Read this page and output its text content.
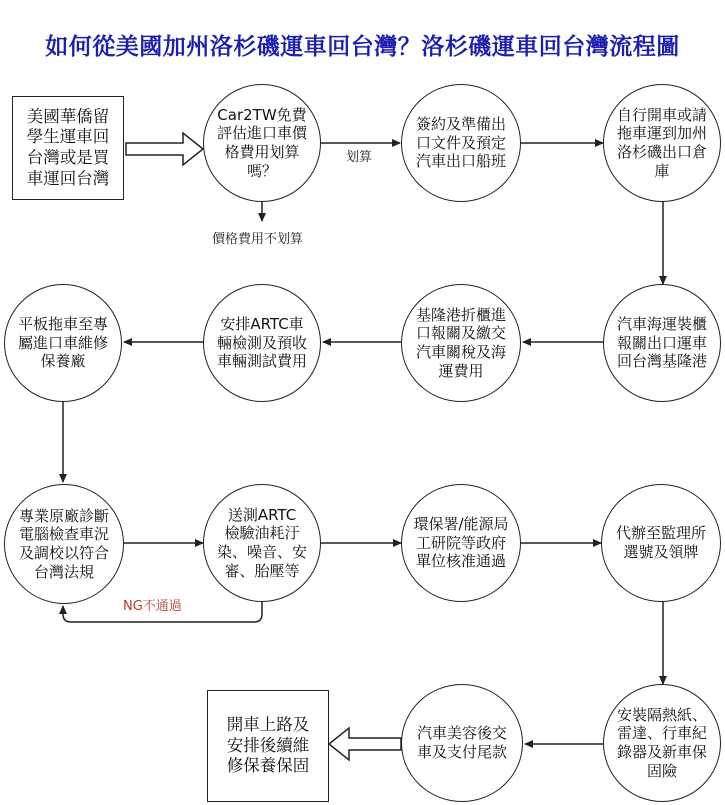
如何從美國加州洛杉磯運車回台灣？洛杉磯運車回台灣流程圖
美國華僑留
學生運車回
台灣或是買
車運回台灣
Car2TW免費
評估進口車價
格費用划算
嗎？
簽約及準備出
口文件及預定
汽車出口船班
自行開車或請
拖車運到加州
洛杉磯出口倉
庫
汽車海運裝櫃
報關出口運車
回台灣基隆港
基隆港折櫃進
口報關及繳交
汽車關稅及海
運費用
安排ARTC車
輛檢測及預收
車輛測試費用
平板拖車至專
屬進口車維修
保養廠
專業原廠診斷
電腦檢查車況
及調校以符合
台灣法規
送測ARTC
檢驗油耗汙
染、噪音、安
審、胎壓等
環保署/能源局
工研院等政府
單位核准通過
代辦至監理所
選號及領牌
安裝隔熱紙、
雷達、行車紀
錄器及新車保
固險
汽車美容後交
車及支付尾款
開車上路及
安排後續維
修保養保固
划算
價格費用不划算
NG不通過
